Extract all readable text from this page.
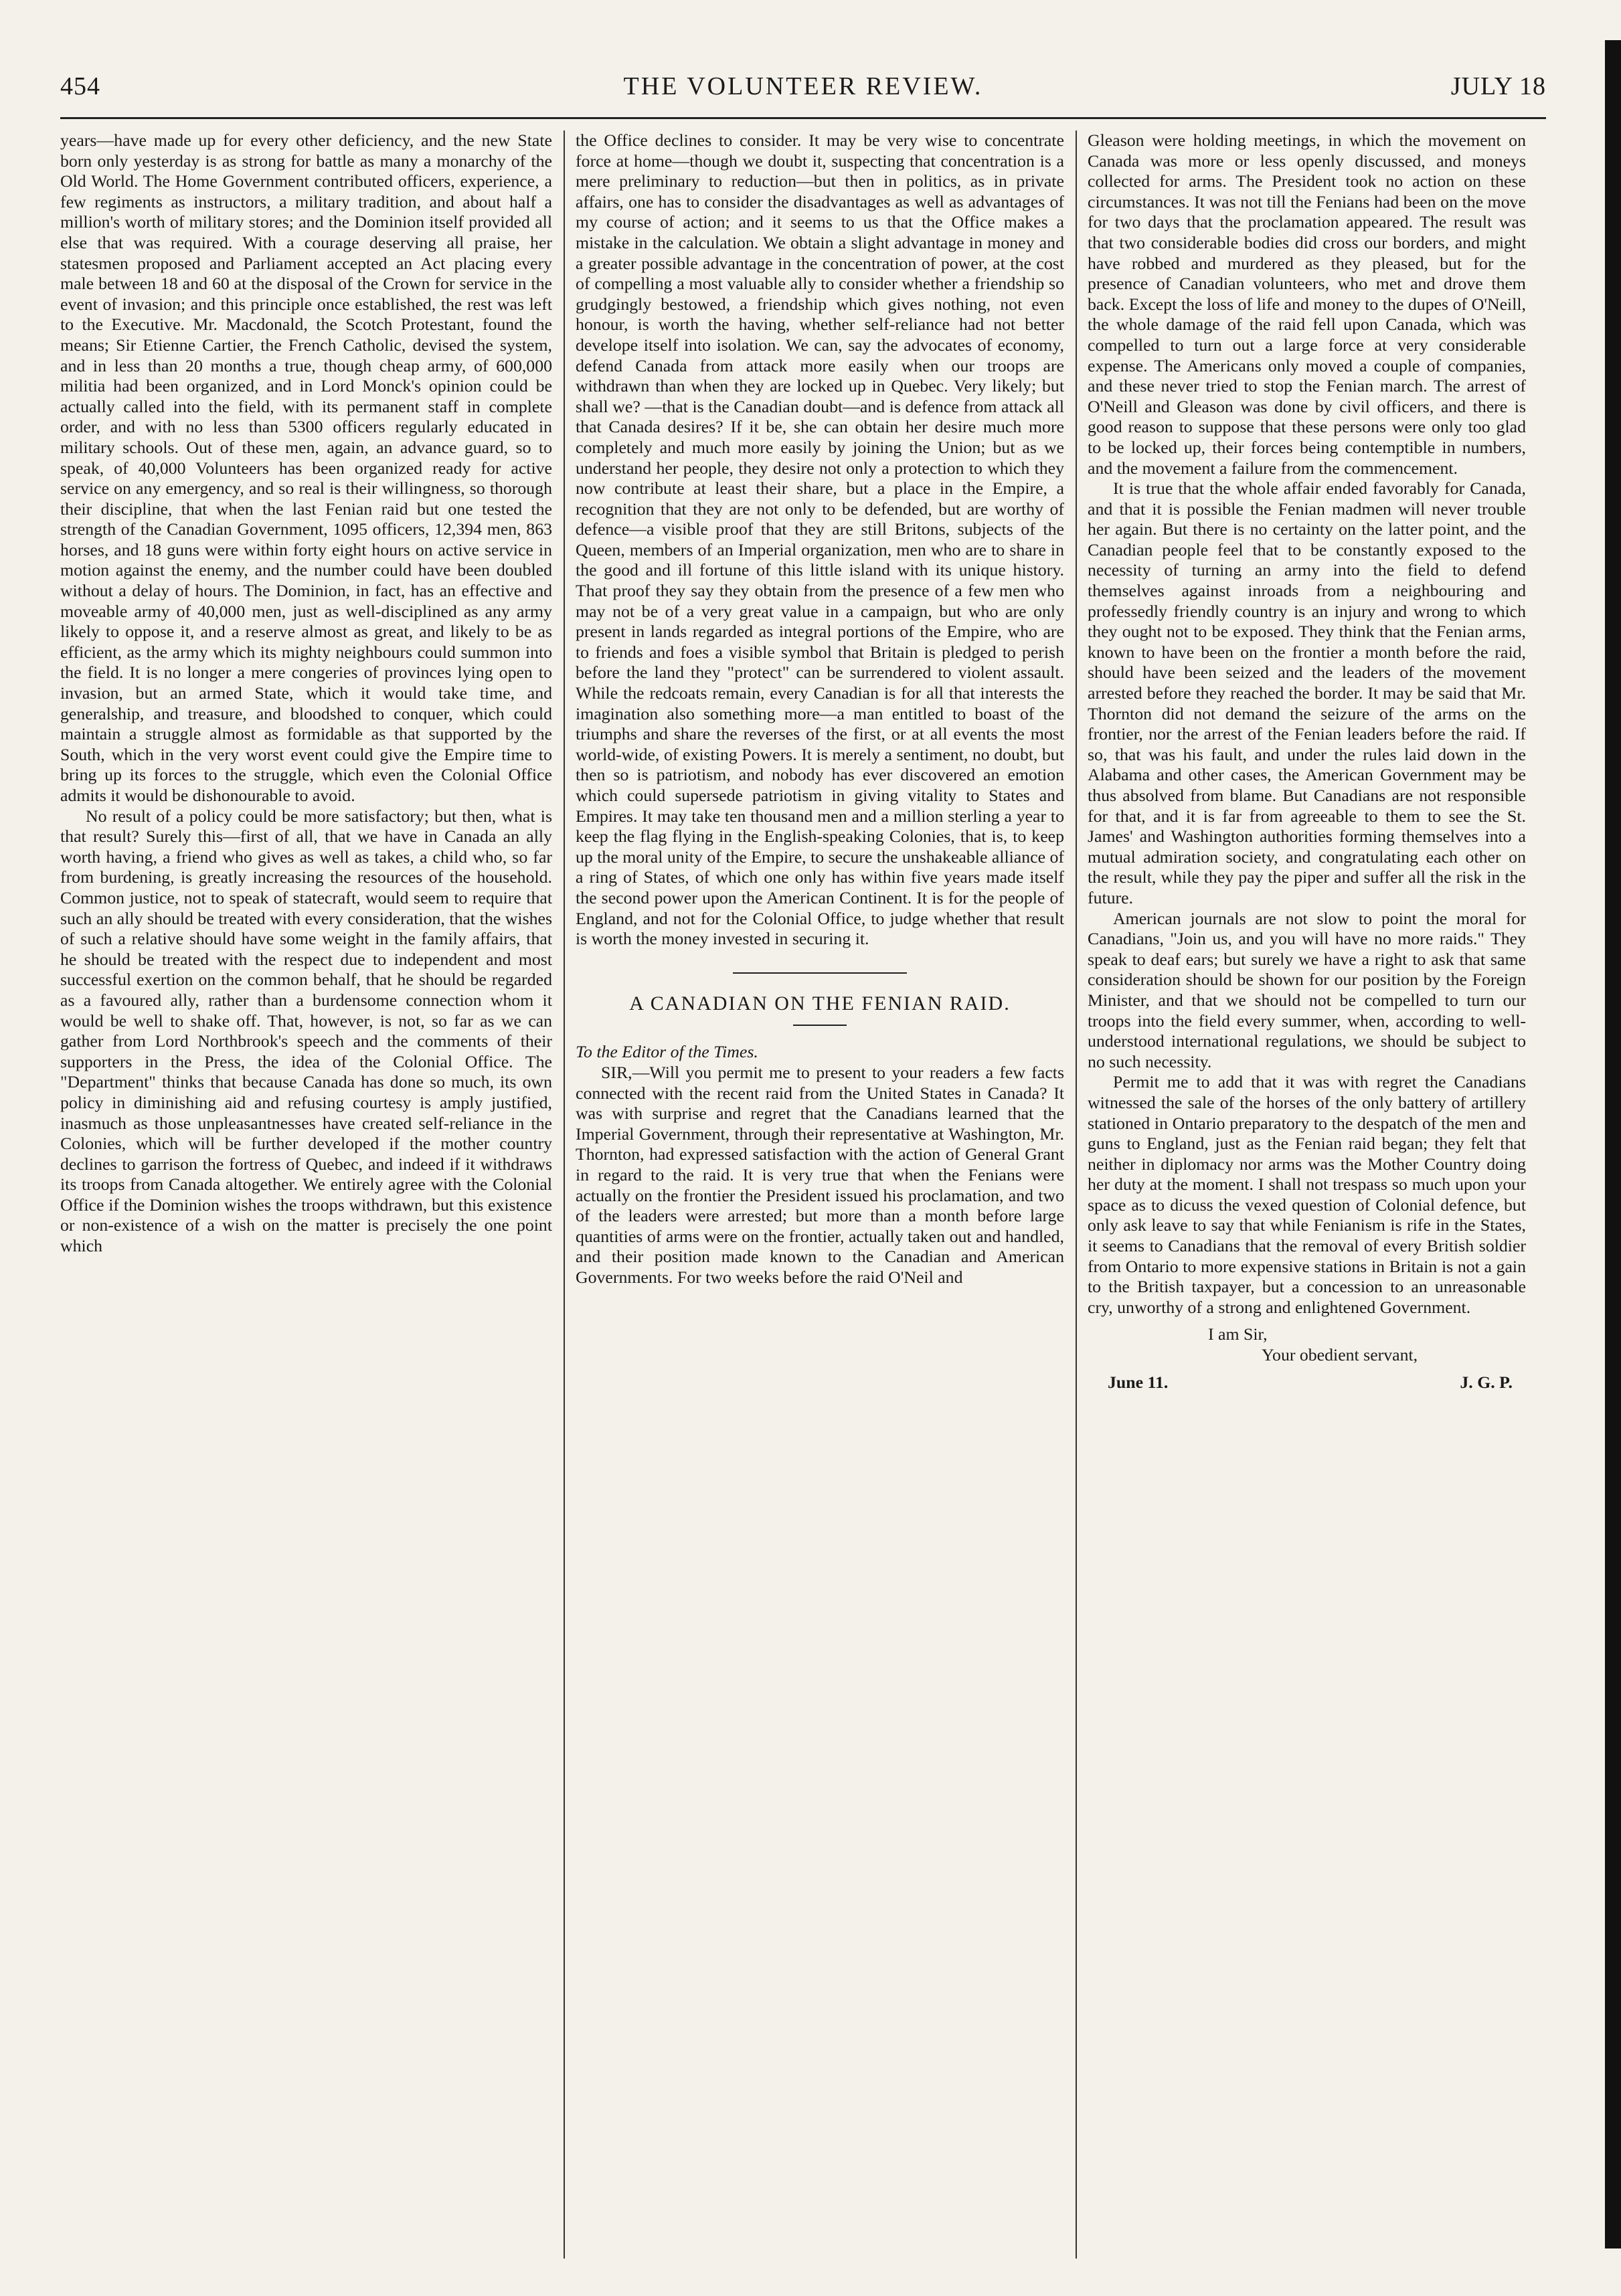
454	THE VOLUNTEER REVIEW.	JULY 18

years—have made up for every other deficiency, and the new State born only yesterday is as strong for battle as many a monarchy of the Old World. The Home Government contributed officers, experience, a few regiments as instructors, a military tradition, and about half a million's worth of military stores; and the Dominion itself provided all else that was required. With a courage deserving all praise, her statesmen proposed and Parliament accepted an Act placing every male between 18 and 60 at the disposal of the Crown for service in the event of invasion; and this principle once established, the rest was left to the Executive. Mr. Macdonald, the Scotch Protestant, found the means; Sir Etienne Cartier, the French Catholic, devised the system, and in less than 20 months a true, though cheap army, of 600,000 militia had been organized, and in Lord Monck's opinion could be actually called into the field, with its permanent staff in complete order, and with no less than 5300 officers regularly educated in military schools. Out of these men, again, an advance guard, so to speak, of 40,000 Volunteers has been organized ready for active service on any emergency, and so real is their willingness, so thorough their discipline, that when the last Fenian raid but one tested the strength of the Canadian Government, 1095 officers, 12,394 men, 863 horses, and 18 guns were within forty eight hours on active service in motion against the enemy, and the number could have been doubled without a delay of hours. The Dominion, in fact, has an effective and moveable army of 40,000 men, just as well-disciplined as any army likely to oppose it, and a reserve almost as great, and likely to be as efficient, as the army which its mighty neighbours could summon into the field. It is no longer a mere congeries of provinces lying open to invasion, but an armed State, which it would take time, and generalship, and treasure, and bloodshed to conquer, which could maintain a struggle almost as formidable as that supported by the South, which in the very worst event could give the Empire time to bring up its forces to the struggle, which even the Colonial Office admits it would be dishonourable to avoid.

No result of a policy could be more satisfactory; but then, what is that result? Surely this—first of all, that we have in Canada an ally worth having, a friend who gives as well as takes, a child who, so far from burdening, is greatly increasing the resources of the household. Common justice, not to speak of statecraft, would seem to require that such an ally should be treated with every consideration, that the wishes of such a relative should have some weight in the family affairs, that he should be treated with the respect due to independent and most successful exertion on the common behalf, that he should be regarded as a favoured ally, rather than a burdensome connection whom it would be well to shake off. That, however, is not, so far as we can gather from Lord Northbrook's speech and the comments of their supporters in the Press, the idea of the Colonial Office. The "Department" thinks that because Canada has done so much, its own policy in diminishing aid and refusing courtesy is amply justified, inasmuch as those unpleasantnesses have created self-reliance in the Colonies, which will be further developed if the mother country declines to garrison the fortress of Quebec, and indeed if it withdraws its troops from Canada altogether. We entirely agree with the Colonial Office if the Dominion wishes the troops withdrawn, but this existence or non-existence of a wish on the matter is precisely the one point which

the Office declines to consider. It may be very wise to concentrate force at home—though we doubt it, suspecting that concentration is a mere preliminary to reduction—but then in politics, as in private affairs, one has to consider the disadvantages as well as advantages of my course of action; and it seems to us that the Office makes a mistake in the calculation. We obtain a slight advantage in money and a greater possible advantage in the concentration of power, at the cost of compelling a most valuable ally to consider whether a friendship so grudgingly bestowed, a friendship which gives nothing, not even honour, is worth the having, whether self-reliance had not better develope itself into isolation. We can, say the advocates of economy, defend Canada from attack more easily when our troops are withdrawn than when they are locked up in Quebec. Very likely; but shall we? —that is the Canadian doubt—and is defence from attack all that Canada desires? If it be, she can obtain her desire much more completely and much more easily by joining the Union; but as we understand her people, they desire not only a protection to which they now contribute at least their share, but a place in the Empire, a recognition that they are not only to be defended, but are worthy of defence—a visible proof that they are still Britons, subjects of the Queen, members of an Imperial organization, men who are to share in the good and ill fortune of this little island with its unique history. That proof they say they obtain from the presence of a few men who may not be of a very great value in a campaign, but who are only present in lands regarded as integral portions of the Empire, who are to friends and foes a visible symbol that Britain is pledged to perish before the land they "protect" can be surrendered to violent assault. While the redcoats remain, every Canadian is for all that interests the imagination also something more—a man entitled to boast of the triumphs and share the reverses of the first, or at all events the most world-wide, of existing Powers. It is merely a sentiment, no doubt, but then so is patriotism, and nobody has ever discovered an emotion which could supersede patriotism in giving vitality to States and Empires. It may take ten thousand men and a million sterling a year to keep the flag flying in the English-speaking Colonies, that is, to keep up the moral unity of the Empire, to secure the unshakeable alliance of a ring of States, of which one only has within five years made itself the second power upon the American Continent. It is for the people of England, and not for the Colonial Office, to judge whether that result is worth the money invested in securing it.

A CANADIAN ON THE FENIAN RAID.

To the Editor of the Times.

SIR,—Will you permit me to present to your readers a few facts connected with the recent raid from the United States in Canada? It was with surprise and regret that the Canadians learned that the Imperial Government, through their representative at Washington, Mr. Thornton, had expressed satisfaction with the action of General Grant in regard to the raid. It is very true that when the Fenians were actually on the frontier the President issued his proclamation, and two of the leaders were arrested; but more than a month before large quantities of arms were on the frontier, actually taken out and handled, and their position made known to the Canadian and American Governments. For two weeks before the raid O'Neil and

Gleason were holding meetings, in which the movement on Canada was more or less openly discussed, and moneys collected for arms. The President took no action on these circumstances. It was not till the Fenians had been on the move for two days that the proclamation appeared. The result was that two considerable bodies did cross our borders, and might have robbed and murdered as they pleased, but for the presence of Canadian volunteers, who met and drove them back. Except the loss of life and money to the dupes of O'Neill, the whole damage of the raid fell upon Canada, which was compelled to turn out a large force at very considerable expense. The Americans only moved a couple of companies, and these never tried to stop the Fenian march. The arrest of O'Neill and Gleason was done by civil officers, and there is good reason to suppose that these persons were only too glad to be locked up, their forces being contemptible in numbers, and the movement a failure from the commencement.

It is true that the whole affair ended favorably for Canada, and that it is possible the Fenian madmen will never trouble her again. But there is no certainty on the latter point, and the Canadian people feel that to be constantly exposed to the necessity of turning an army into the field to defend themselves against inroads from a neighbouring and professedly friendly country is an injury and wrong to which they ought not to be exposed. They think that the Fenian arms, known to have been on the frontier a month before the raid, should have been seized and the leaders of the movement arrested before they reached the border. It may be said that Mr. Thornton did not demand the seizure of the arms on the frontier, nor the arrest of the Fenian leaders before the raid. If so, that was his fault, and under the rules laid down in the Alabama and other cases, the American Government may be thus absolved from blame. But Canadians are not responsible for that, and it is far from agreeable to them to see the St. James' and Washington authorities forming themselves into a mutual admiration society, and congratulating each other on the result, while they pay the piper and suffer all the risk in the future.

American journals are not slow to point the moral for Canadians, "Join us, and you will have no more raids." They speak to deaf ears; but surely we have a right to ask that same consideration should be shown for our position by the Foreign Minister, and that we should not be compelled to turn our troops into the field every summer, when, according to well-understood international regulations, we should be subject to no such necessity.

Permit me to add that it was with regret the Canadians witnessed the sale of the horses of the only battery of artillery stationed in Ontario preparatory to the despatch of the men and guns to England, just as the Fenian raid began; they felt that neither in diplomacy nor arms was the Mother Country doing her duty at the moment. I shall not trespass so much upon your space as to dicuss the vexed question of Colonial defence, but only ask leave to say that while Fenianism is rife in the States, it seems to Canadians that the removal of every British soldier from Ontario to more expensive stations in Britain is not a gain to the British taxpayer, but a concession to an unreasonable cry, unworthy of a strong and enlightened Government.

I am Sir,
Your obedient servant,
June 11.	J. G. P.
